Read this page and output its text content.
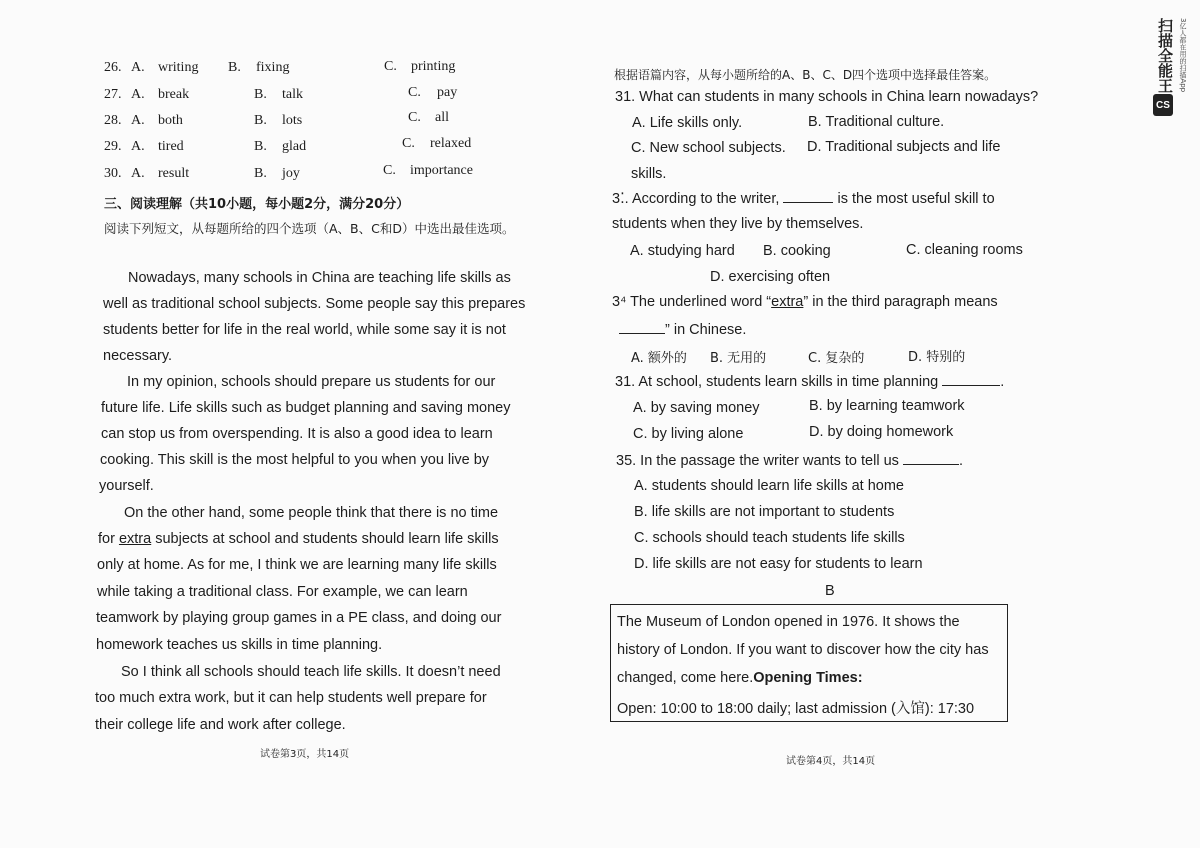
26. A. writing B. fixing	C. printing
27. A. break	B. talk	C. pay
28. A. both	B. lots	C. all
29. A. tired	B. glad	C. relaxed
30. A. result	B. joy	C. importance
三、阅读理解（共10小题，每小题2分，满分20分）
阅读下列短文，从每题所给的四个选项（A、B、C和D）中选出最佳选项。
Nowadays, many schools in China are teaching life skills as
well as traditional school subjects. Some people say this prepares
students better for life in the real world, while some say it is not
necessary.
In my opinion, schools should prepare us students for our
future life. Life skills such as budget planning and saving money
can stop us from overspending. It is also a good idea to learn
cooking. This skill is the most helpful to you when you live by
yourself.
On the other hand, some people think that there is no time
for extra subjects at school and students should learn life skills
only at home. As for me, I think we are learning many life skills
while taking a traditional class. For example, we can learn
teamwork by playing group games in a PE class, and doing our
homework teaches us skills in time planning.
So I think all schools should teach life skills. It doesn’t need
too much extra work, but it can help students well prepare for
their college life and work after college.
试卷第3页，共14页
根据语篇内容，从每小题所给的A、B、C、D四个选项中选择最佳答案。
31. What can students in many schools in China learn nowadays?
A. Life skills only.	B. Traditional culture.
C. New school subjects. D. Traditional subjects and life
skills.
3⁚. According to the writer,	is the most useful skill to
students when they live by themselves.
A. studying hard B. cooking	C. cleaning rooms
D. exercising often
3⁴ The underlined word “extra” in the third paragraph means
” in Chinese.
A. 额外的 B. 无用的	C. 复杂的	D. 特别的
31. At school, students learn skills in time planning	.
A. by saving money	B. by learning teamwork
C. by living alone	D. by doing homework
35. In the passage the writer wants to tell us	.
A. students should learn life skills at home
B. life skills are not important to students
C. schools should teach students life skills
D. life skills are not easy for students to learn
B
The Museum of London opened in 1976. It shows the
history of London. If you want to discover how the city has
changed, come here.Opening Times:
Open: 10:00 to 18:00 daily; last admission (入馆): 17:30
试卷第4页，共14页
扫描全能王
CS
3亿人都在用的扫描App
